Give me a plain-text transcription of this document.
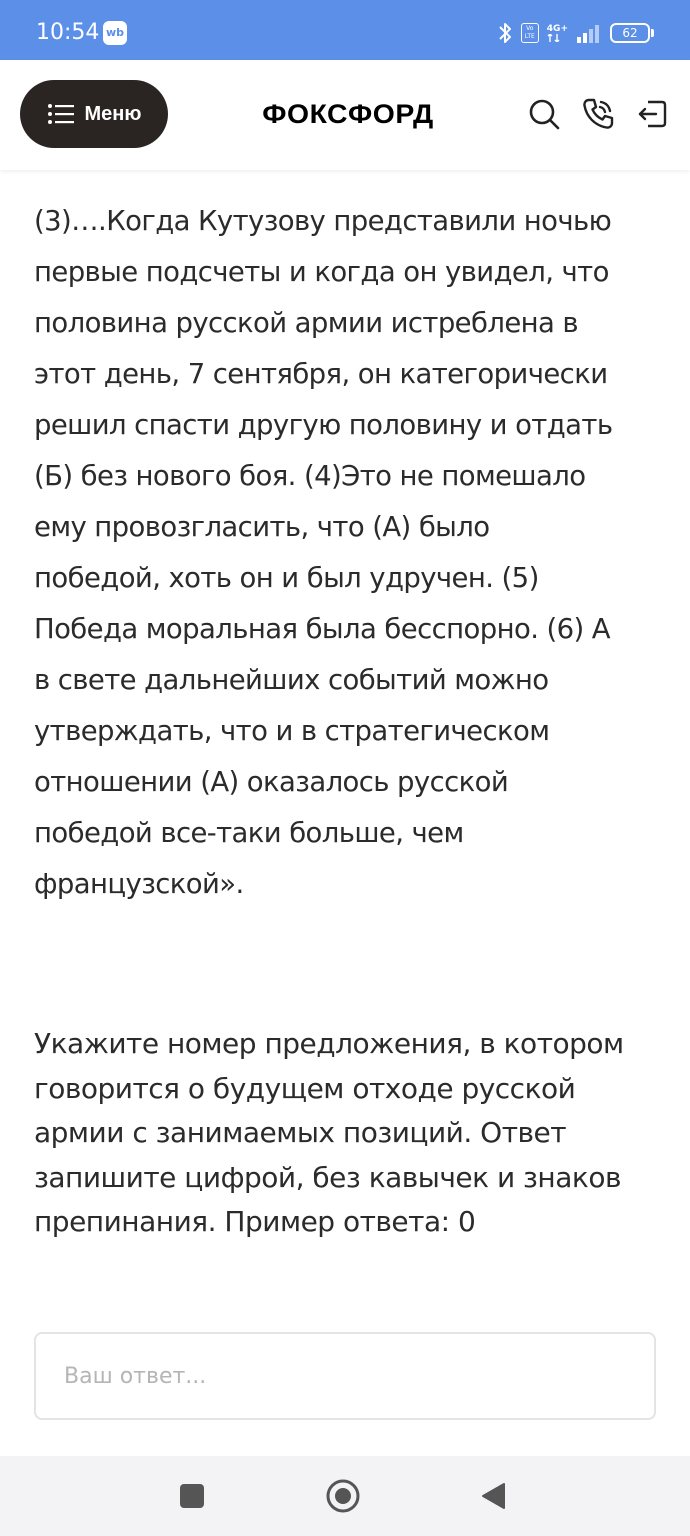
10:54 wb	Vo LTE
4G+	62
Меню	ФОКСФОРД

(3)….Когда Кутузову представили ночью
первые подсчеты и когда он увидел, что
половина русской армии истреблена в
этот день, 7 сентября, он категорически
решил спасти другую половину и отдать
(Б) без нового боя. (4)Это не помешало
ему провозгласить, что (А) было
победой, хоть он и был удручен. (5)
Победа моральная была бесспорно. (6) А
в свете дальнейших событий можно
утверждать, что и в стратегическом
отношении (А) оказалось русской
победой все-таки больше, чем
французской».

Укажите номер предложения, в котором
говорится о будущем отходе русской
армии с занимаемых позиций. Ответ
запишите цифрой, без кавычек и знаков
препинания. Пример ответа: 0

Ваш ответ...
